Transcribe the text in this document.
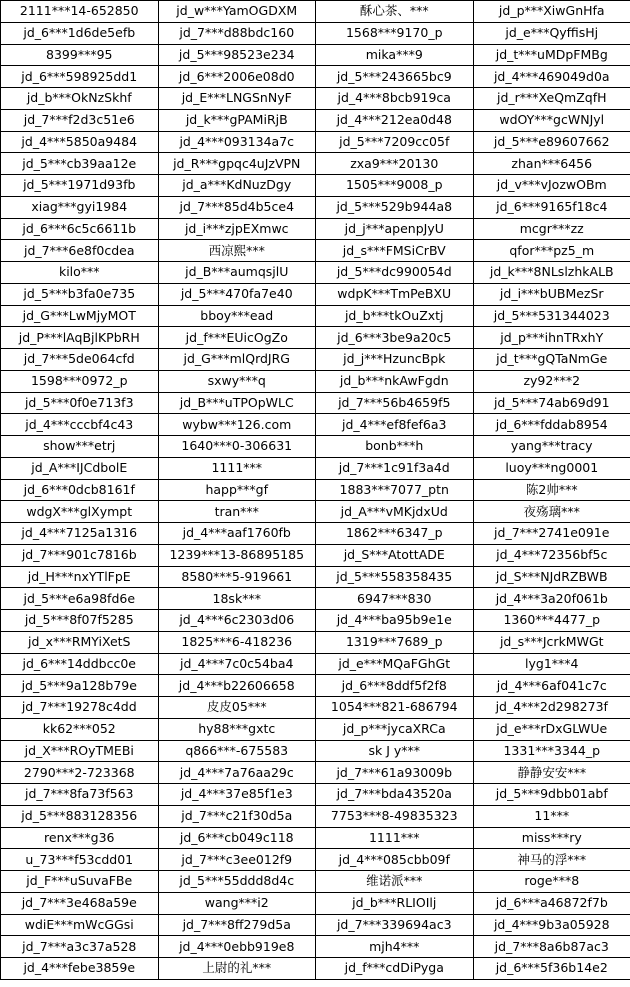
2111***14-652850	jd_w***YamOGDXM	酥心茶、***	jd_p***XiwGnHfa
jd_6***1d6de5efb	jd_7***d88bdc160	1568***9170_p	jd_e***QyffisHj
8399***95	jd_5***98523e234	mika***9	jd_t***uMDpFMBg
jd_6***598925dd1	jd_6***2006e08d0	jd_5***243665bc9	jd_4***469049d0a
jd_b***OkNzSkhf	jd_E***LNGSnNyF	jd_4***8bcb919ca	jd_r***XeQmZqfH
jd_7***f2d3c51e6	jd_k***gPAMiRjB	jd_4***212ea0d48	wdOY***gcWNJyl
jd_4***5850a9484	jd_4***093134a7c	jd_5***7209cc05f	jd_5***e89607662
jd_5***cb39aa12e	jd_R***gpqc4uJzVPN	zxa9***20130	zhan***6456
jd_5***1971d93fb	jd_a***KdNuzDgy	1505***9008_p	jd_v***vJozwOBm
xiag***gyi1984	jd_7***85d4b5ce4	jd_5***529b944a8	jd_6***9165f18c4
jd_6***6c5c6611b	jd_i***zjpEXmwc	jd_j***apenpJyU	mcgr***zz
jd_7***6e8f0cdea	西凉熙***	jd_s***FMSiCrBV	qfor***pz5_m
kilo***	jd_B***aumqsjlU	jd_5***dc990054d	jd_k***8NLslzhkALB
jd_5***b3fa0e735	jd_5***470fa7e40	wdpK***TmPeBXU	jd_i***bUBMezSr
jd_G***LwMjyMOT	bboy***ead	jd_b***tkOuZxtj	jd_5***531344023
jd_P***lAqBjlKPbRH	jd_f***EUicOgZo	jd_6***3be9a20c5	jd_p***ihnTRxhY
jd_7***5de064cfd	jd_G***mlQrdJRG	jd_j***HzuncBpk	jd_t***gQTaNmGe
1598***0972_p	sxwy***q	jd_b***nkAwFgdn	zy92***2
jd_5***0f0e713f3	jd_B***uTPOpWLC	jd_7***56b4659f5	jd_5***74ab69d91
jd_4***cccbf4c43	wybw***126.com	jd_4***ef8fef6a3	jd_6***fddab8954
show***etrj	1640***0-306631	bonb***h	yang***tracy
jd_A***IJCdbolE	1111***	jd_7***1c91f3a4d	luoy***ng0001
jd_6***0dcb8161f	happ***gf	1883***7077_ptn	陈2帅***
wdgX***glXympt	tran***	jd_A***vMKjdxUd	夜殇璃***
jd_4***7125a1316	jd_4***aaf1760fb	1862***6347_p	jd_7***2741e091e
jd_7***901c7816b	1239***13-86895185	jd_S***AtottADE	jd_4***72356bf5c
jd_H***nxYTlFpE	8580***5-919661	jd_5***558358435	jd_S***NJdRZBWB
jd_5***e6a98fd6e	18sk***	6947***830	jd_4***3a20f061b
jd_5***8f07f5285	jd_4***6c2303d06	jd_4***ba95b9e1e	1360***4477_p
jd_x***RMYiXetS	1825***6-418236	1319***7689_p	jd_s***JcrkMWGt
jd_6***14ddbcc0e	jd_4***7c0c54ba4	jd_e***MQaFGhGt	lyg1***4
jd_5***9a128b79e	jd_4***b22606658	jd_6***8ddf5f2f8	jd_4***6af041c7c
jd_7***19278c4dd	皮皮05***	1054***821-686794	jd_4***2d298273f
kk62***052	hy88***gxtc	jd_p***jycaXRCa	jd_e***rDxGLWUe
jd_X***ROyTMEBi	q866***-675583	sk J y***	1331***3344_p
2790***2-723368	jd_4***7a76aa29c	jd_7***61a93009b	静静安安***
jd_7***8fa73f563	jd_4***37e85f1e3	jd_7***bda43520a	jd_5***9dbb01abf
jd_5***883128356	jd_7***c21f30d5a	7753***8-49835323	11***
renx***g36	jd_6***cb049c118	1111***	miss***ry
u_73***f53cdd01	jd_7***c3ee012f9	jd_4***085cbb09f	神马的浮***
jd_F***uSuvaFBe	jd_5***55ddd8d4c	维诺派***	roge***8
jd_7***3e468a59e	wang***i2	jd_b***RLIOIlj	jd_6***a46872f7b
wdiE***mWcGGsi	jd_7***8ff279d5a	jd_7***339694ac3	jd_4***9b3a05928
jd_7***a3c37a528	jd_4***0ebb919e8	mjh4***	jd_7***8a6b87ac3
jd_4***febe3859e	上尉的礼***	jd_f***cdDiPyga	jd_6***5f36b14e2
